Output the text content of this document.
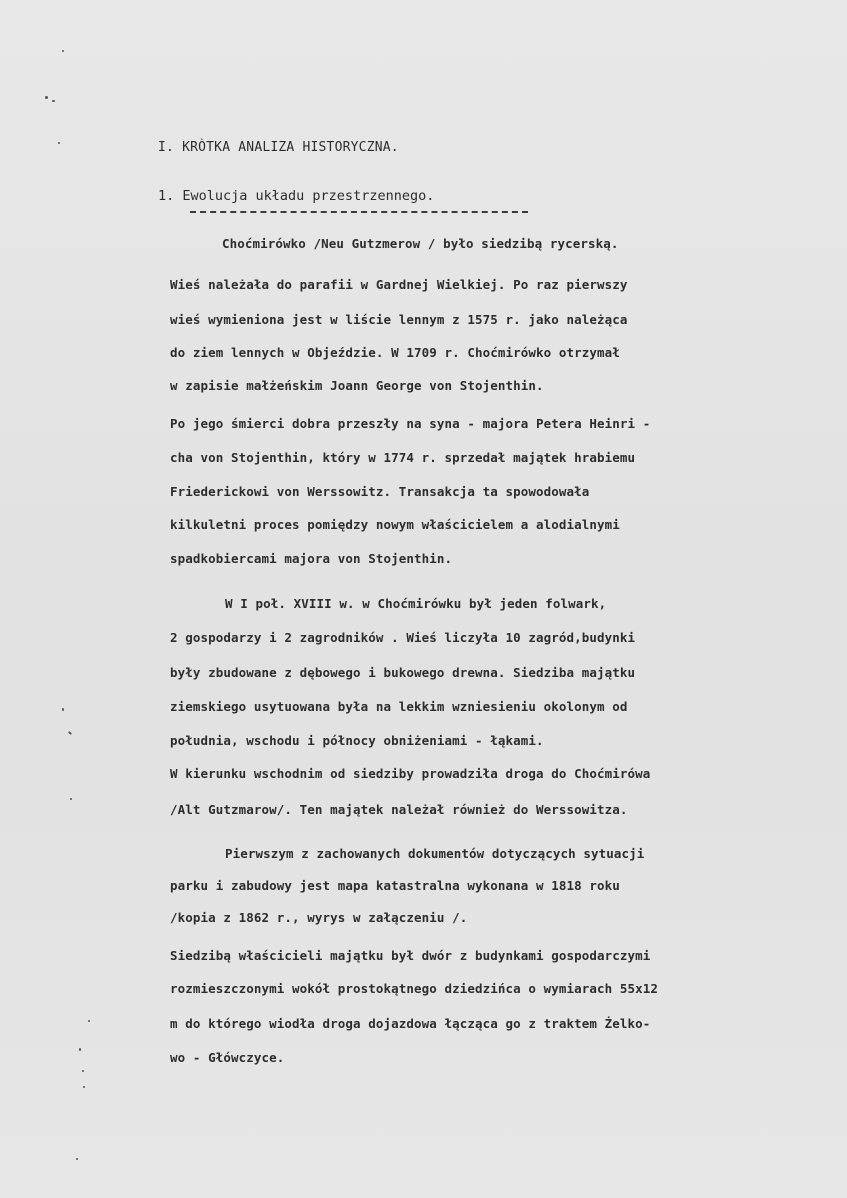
I. KRÒTKA ANALIZA HISTORYCZNA.
1. Ewolucja układu przestrzennego.
Choćmirówko /Neu Gutzmerow / było siedzibą rycerską.
Wieś należała do parafii w Gardnej Wielkiej. Po raz pierwszy
wieś wymieniona jest w liście lennym z 1575 r. jako należąca
do ziem lennych w Objeździe. W 1709 r. Choćmirówko otrzymał
w zapisie małżeńskim Joann George von Stojenthin.
Po jego śmierci dobra przeszły na syna - majora Petera Heinri -
cha von Stojenthin, który w 1774 r. sprzedał majątek hrabiemu
Friederickowi von Werssowitz. Transakcja ta spowodowała
kilkuletni proces pomiędzy nowym właścicielem a alodialnymi
spadkobiercami majora von Stojenthin.
W I poł. XVIII w. w Choćmirówku był jeden folwark,
2 gospodarzy i 2 zagrodników . Wieś liczyła 10 zagród,budynki
były zbudowane z dębowego i bukowego drewna. Siedziba majątku
ziemskiego usytuowana była na lekkim wzniesieniu okolonym od
południa, wschodu i północy obniżeniami - łąkami.
W kierunku wschodnim od siedziby prowadziła droga do Choćmirówa
/Alt Gutzmarow/. Ten majątek należał również do Werssowitza.
Pierwszym z zachowanych dokumentów dotyczących sytuacji
parku i zabudowy jest mapa katastralna wykonana w 1818 roku
/kopia z 1862 r., wyrys w załączeniu /.
Siedzibą właścicieli majątku był dwór z budynkami gospodarczymi
rozmieszczonymi wokół prostokątnego dziedzińca o wymiarach 55x12
m do którego wiodła droga dojazdowa łącząca go z traktem Żelko-
wo - Główczyce.
